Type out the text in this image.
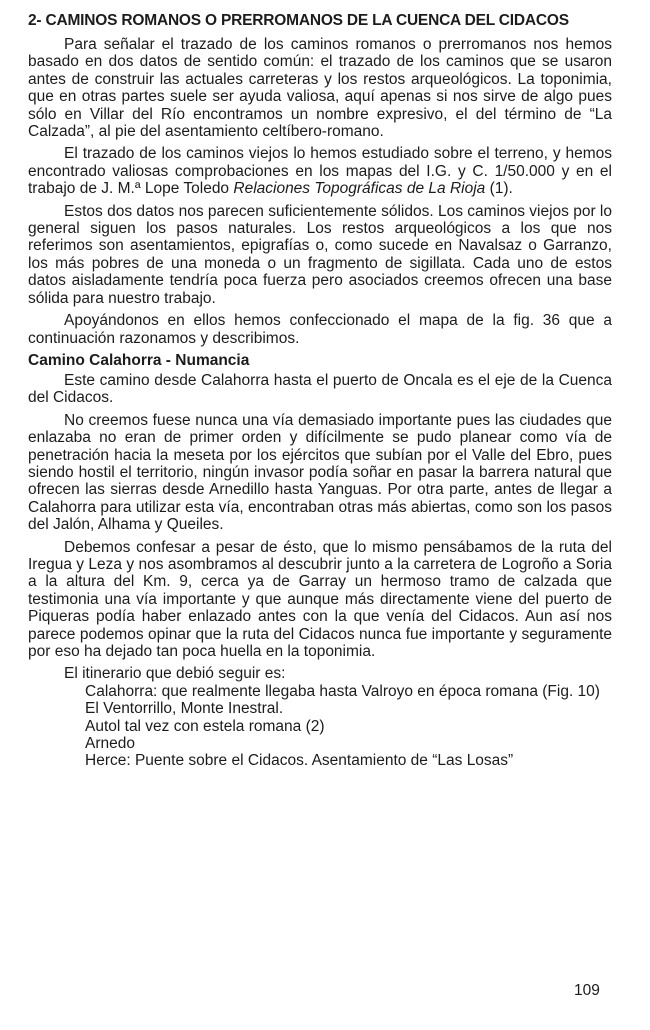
2- CAMINOS ROMANOS O PRERROMANOS DE LA CUENCA DEL CIDACOS

Para señalar el trazado de los caminos romanos o prerromanos nos hemos basado en dos datos de sentido común: el trazado de los caminos que se usaron antes de construir las actuales carreteras y los restos arqueológicos. La toponimia, que en otras partes suele ser ayuda valiosa, aquí apenas si nos sirve de algo pues sólo en Villar del Río encontramos un nombre expresivo, el del término de “La Calzada”, al pie del asentamiento celtíbero-romano.

El trazado de los caminos viejos lo hemos estudiado sobre el terreno, y hemos encontrado valiosas comprobaciones en los mapas del I.G. y C. 1/50.000 y en el trabajo de J. M.ª Lope Toledo Relaciones Topográficas de La Rioja (1).

Estos dos datos nos parecen suficientemente sólidos. Los caminos viejos por lo general siguen los pasos naturales. Los restos arqueológicos a los que nos referimos son asentamientos, epigrafías o, como sucede en Navalsaz o Garranzo, los más pobres de una moneda o un fragmento de sigillata. Cada uno de estos datos aisladamente tendría poca fuerza pero asociados creemos ofrecen una base sólida para nuestro trabajo.

Apoyándonos en ellos hemos confeccionado el mapa de la fig. 36 que a continuación razonamos y describimos.

Camino Calahorra - Numancia

Este camino desde Calahorra hasta el puerto de Oncala es el eje de la Cuenca del Cidacos.

No creemos fuese nunca una vía demasiado importante pues las ciudades que enlazaba no eran de primer orden y difícilmente se pudo planear como vía de penetración hacia la meseta por los ejércitos que subían por el Valle del Ebro, pues siendo hostil el territorio, ningún invasor podía soñar en pasar la barrera natural que ofrecen las sierras desde Arnedillo hasta Yanguas. Por otra parte, antes de llegar a Calahorra para utilizar esta vía, encontraban otras más abiertas, como son los pasos del Jalón, Alhama y Queiles.

Debemos confesar a pesar de ésto, que lo mismo pensábamos de la ruta del Iregua y Leza y nos asombramos al descubrir junto a la carretera de Logroño a Soria a la altura del Km. 9, cerca ya de Garray un hermoso tramo de calzada que testimonia una vía importante y que aunque más directamente viene del puerto de Piqueras podía haber enlazado antes con la que venía del Cidacos. Aun así nos parece podemos opinar que la ruta del Cidacos nunca fue importante y seguramente por eso ha dejado tan poca huella en la toponimia.

El itinerario que debió seguir es:

Calahorra: que realmente llegaba hasta Valroyo en época romana (Fig. 10) El Ventorrillo, Monte Inestral.
Autol tal vez con estela romana (2)
Arnedo
Herce: Puente sobre el Cidacos. Asentamiento de “Las Losas”
109
